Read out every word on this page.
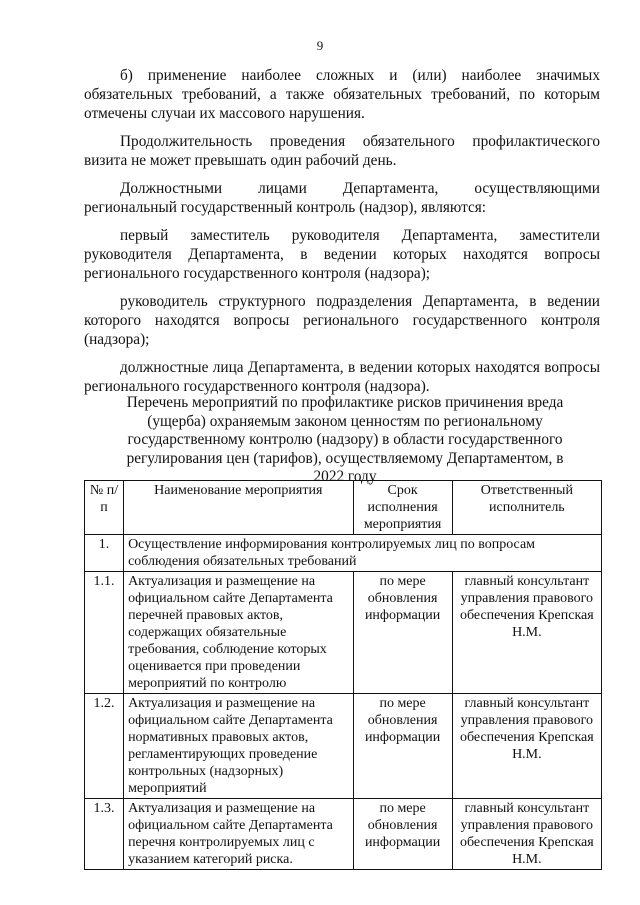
9

б) применение наиболее сложных и (или) наиболее значимых обязательных требований, а также обязательных требований, по которым отмечены случаи их массового нарушения.

Продолжительность проведения обязательного профилактического визита не может превышать один рабочий день.

Должностными лицами Департамента, осуществляющими региональный государственный контроль (надзор), являются:

первый заместитель руководителя Департамента, заместители руководителя Департамента, в ведении которых находятся вопросы регионального государственного контроля (надзора);

руководитель структурного подразделения Департамента, в ведении которого находятся вопросы регионального государственного контроля (надзора);

должностные лица Департамента, в ведении которых находятся вопросы регионального государственного контроля (надзора).

Перечень мероприятий по профилактике рисков причинения вреда (ущерба) охраняемым законом ценностям по региональному государственному контролю (надзору) в области государственного регулирования цен (тарифов), осуществляемому Департаментом, в 2022 году

№ п/п	Наименование мероприятия	Срок исполнения мероприятия	Ответственный исполнитель
1.	Осуществление информирования контролируемых лиц по вопросам соблюдения обязательных требований		
1.1.	Актуализация и размещение на официальном сайте Департамента перечней правовых актов, содержащих обязательные требования, соблюдение которых оценивается при проведении мероприятий по контролю	по мере обновления информации	главный консультант управления правового обеспечения Крепская Н.М.
1.2.	Актуализация и размещение на официальном сайте Департамента нормативных правовых актов, регламентирующих проведение контрольных (надзорных) мероприятий	по мере обновления информации	главный консультант управления правового обеспечения Крепская Н.М.
1.3.	Актуализация и размещение на официальном сайте Департамента перечня контролируемых лиц с указанием категорий риска.	по мере обновления информации	главный консультант управления правового обеспечения Крепская Н.М.
